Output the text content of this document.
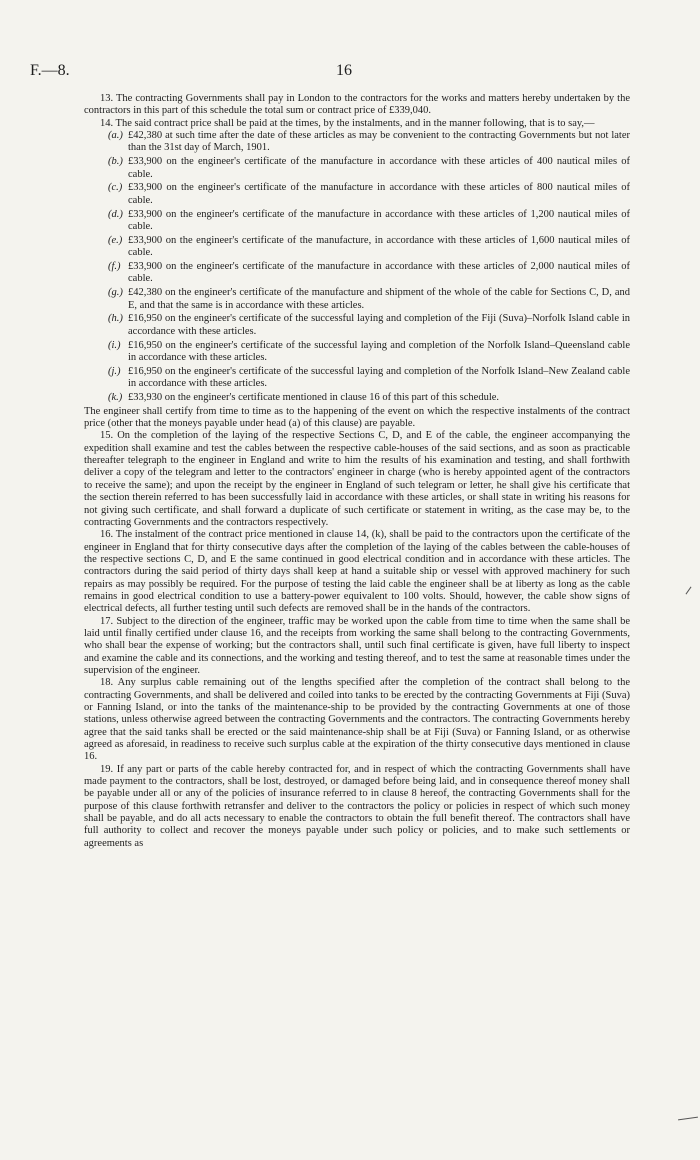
F.—8.	16

13. The contracting Governments shall pay in London to the contractors for the works and matters hereby undertaken by the contractors in this part of this schedule the total sum or contract price of £339,040.

14. The said contract price shall be paid at the times, by the instalments, and in the manner following, that is to say,—

(a.) £42,380 at such time after the date of these articles as may be convenient to the contracting Governments but not later than the 31st day of March, 1901.
(b.) £33,900 on the engineer's certificate of the manufacture in accordance with these articles of 400 nautical miles of cable.
(c.) £33,900 on the engineer's certificate of the manufacture in accordance with these articles of 800 nautical miles of cable.
(d.) £33,900 on the engineer's certificate of the manufacture in accordance with these articles of 1,200 nautical miles of cable.
(e.) £33,900 on the engineer's certificate of the manufacture, in accordance with these articles of 1,600 nautical miles of cable.
(f.) £33,900 on the engineer's certificate of the manufacture in accordance with these articles of 2,000 nautical miles of cable.
(g.) £42,380 on the engineer's certificate of the manufacture and shipment of the whole of the cable for Sections C, D, and E, and that the same is in accordance with these articles.
(h.) £16,950 on the engineer's certificate of the successful laying and completion of the Fiji (Suva)–Norfolk Island cable in accordance with these articles.
(i.) £16,950 on the engineer's certificate of the successful laying and completion of the Norfolk Island–Queensland cable in accordance with these articles.
(j.) £16,950 on the engineer's certificate of the successful laying and completion of the Norfolk Island–New Zealand cable in accordance with these articles.
(k.) £33,930 on the engineer's certificate mentioned in clause 16 of this part of this schedule.

The engineer shall certify from time to time as to the happening of the event on which the respective instalments of the contract price (other that the moneys payable under head (a) of this clause) are payable.

15. On the completion of the laying of the respective Sections C, D, and E of the cable, the engineer accompanying the expedition shall examine and test the cables between the respective cable-houses of the said sections, and as soon as practicable thereafter telegraph to the engineer in England and write to him the results of his examination and testing, and shall forthwith deliver a copy of the telegram and letter to the contractors' engineer in charge (who is hereby appointed agent of the contractors to receive the same); and upon the receipt by the engineer in England of such telegram or letter, he shall give his certificate that the section therein referred to has been successfully laid in accordance with these articles, or shall state in writing his reasons for not giving such certificate, and shall forward a duplicate of such certificate or statement in writing, as the case may be, to the contracting Governments and the contractors respectively.

16. The instalment of the contract price mentioned in clause 14, (k), shall be paid to the contractors upon the certificate of the engineer in England that for thirty consecutive days after the completion of the laying of the cables between the cable-houses of the respective sections C, D, and E the same continued in good electrical condition and in accordance with these articles. The contractors during the said period of thirty days shall keep at hand a suitable ship or vessel with approved machinery for such repairs as may possibly be required. For the purpose of testing the laid cable the engineer shall be at liberty as long as the cable remains in good electrical condition to use a battery-power equivalent to 100 volts. Should, however, the cable show signs of electrical defects, all further testing until such defects are removed shall be in the hands of the contractors.

17. Subject to the direction of the engineer, traffic may be worked upon the cable from time to time when the same shall be laid until finally certified under clause 16, and the receipts from working the same shall belong to the contracting Governments, who shall bear the expense of working; but the contractors shall, until such final certificate is given, have full liberty to inspect and examine the cable and its connections, and the working and testing thereof, and to test the same at reasonable times under the supervision of the engineer.

18. Any surplus cable remaining out of the lengths specified after the completion of the contract shall belong to the contracting Governments, and shall be delivered and coiled into tanks to be erected by the contracting Governments at Fiji (Suva) or Fanning Island, or into the tanks of the maintenance-ship to be provided by the contracting Governments at one of those stations, unless otherwise agreed between the contracting Governments and the contractors. The contracting Governments hereby agree that the said tanks shall be erected or the said maintenance-ship shall be at Fiji (Suva) or Fanning Island, or as otherwise agreed as aforesaid, in readiness to receive such surplus cable at the expiration of the thirty consecutive days mentioned in clause 16.

19. If any part or parts of the cable hereby contracted for, and in respect of which the contracting Governments shall have made payment to the contractors, shall be lost, destroyed, or damaged before being laid, and in consequence thereof money shall be payable under all or any of the policies of insurance referred to in clause 8 hereof, the contracting Governments shall for the purpose of this clause forthwith retransfer and deliver to the contractors the policy or policies in respect of which such money shall be payable, and do all acts necessary to enable the contractors to obtain the full benefit thereof. The contractors shall have full authority to collect and recover the moneys payable under such policy or policies, and to make such settlements or agreements as
